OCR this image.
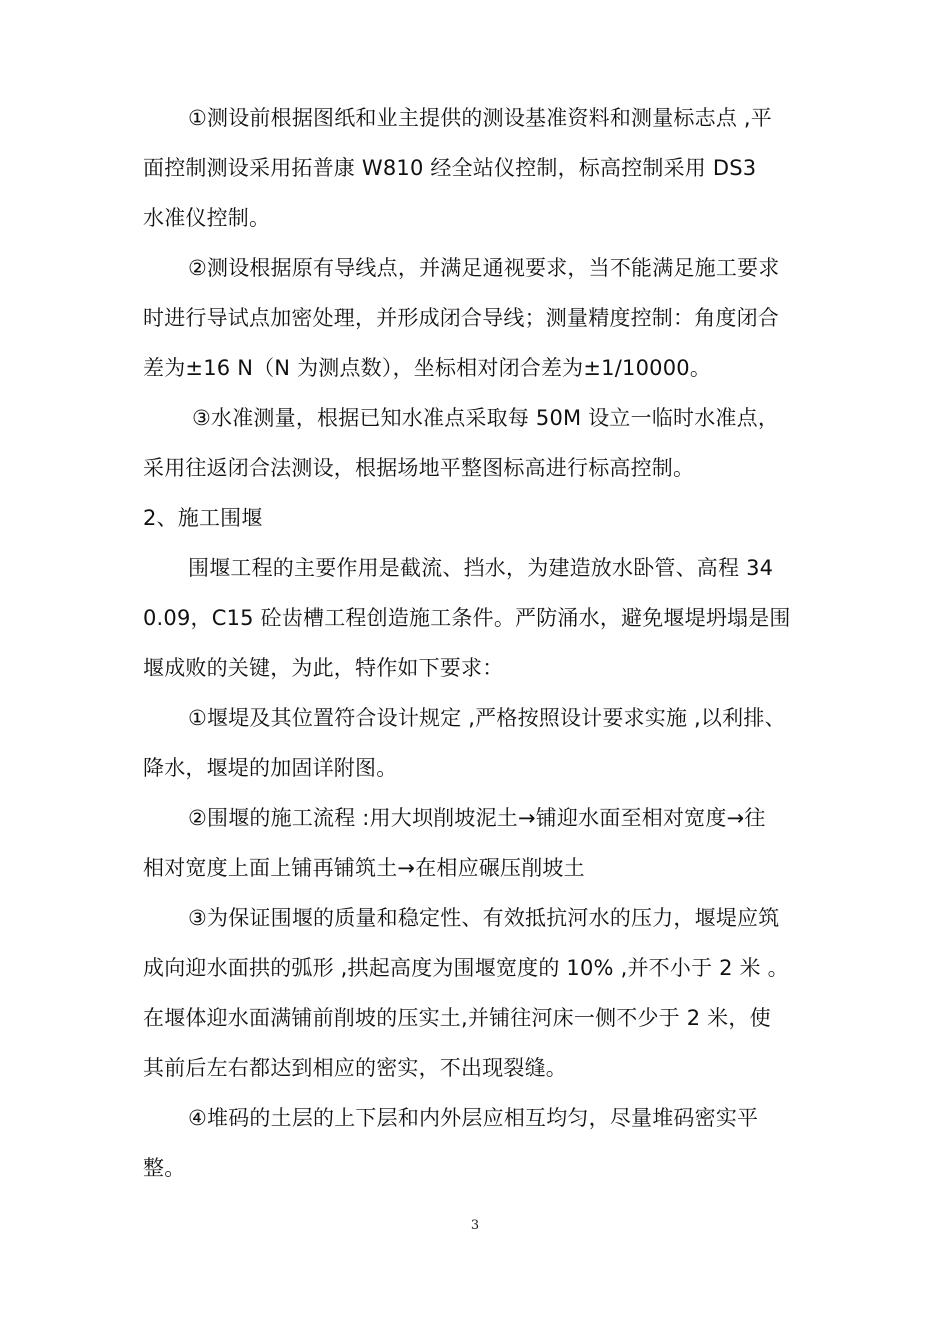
①测设前根据图纸和业主提供的测设基准资料和测量标志点 ,平
面控制测设采用拓普康 W810 经全站仪控制，标高控制采用 DS3
水准仪控制。
②测设根据原有导线点，并满足通视要求，当不能满足施工要求
时进行导试点加密处理，并形成闭合导线；测量精度控制：角度闭合
差为±16 N（N 为测点数），坐标相对闭合差为±1/10000。
③水准测量，根据已知水准点采取每 50M 设立一临时水准点，
采用往返闭合法测设，根据场地平整图标高进行标高控制。
2、施工围堰
围堰工程的主要作用是截流、挡水，为建造放水卧管、高程 34
0.09，C15 砼齿槽工程创造施工条件。严防涌水，避免堰堤坍塌是围
堰成败的关键，为此，特作如下要求：
①堰堤及其位置符合设计规定 ,严格按照设计要求实施 ,以利排、
降水，堰堤的加固详附图。
②围堰的施工流程 :用大坝削坡泥土→铺迎水面至相对宽度→往
相对宽度上面上铺再铺筑土→在相应碾压削坡土
③为保证围堰的质量和稳定性、有效抵抗河水的压力，堰堤应筑
成向迎水面拱的弧形 ,拱起高度为围堰宽度的 10% ,并不小于 2 米 。
在堰体迎水面满铺前削坡的压实土,并铺往河床一侧不少于 2 米，使
其前后左右都达到相应的密实，不出现裂缝。
④堆码的土层的上下层和内外层应相互均匀，尽量堆码密实平
整。
3
